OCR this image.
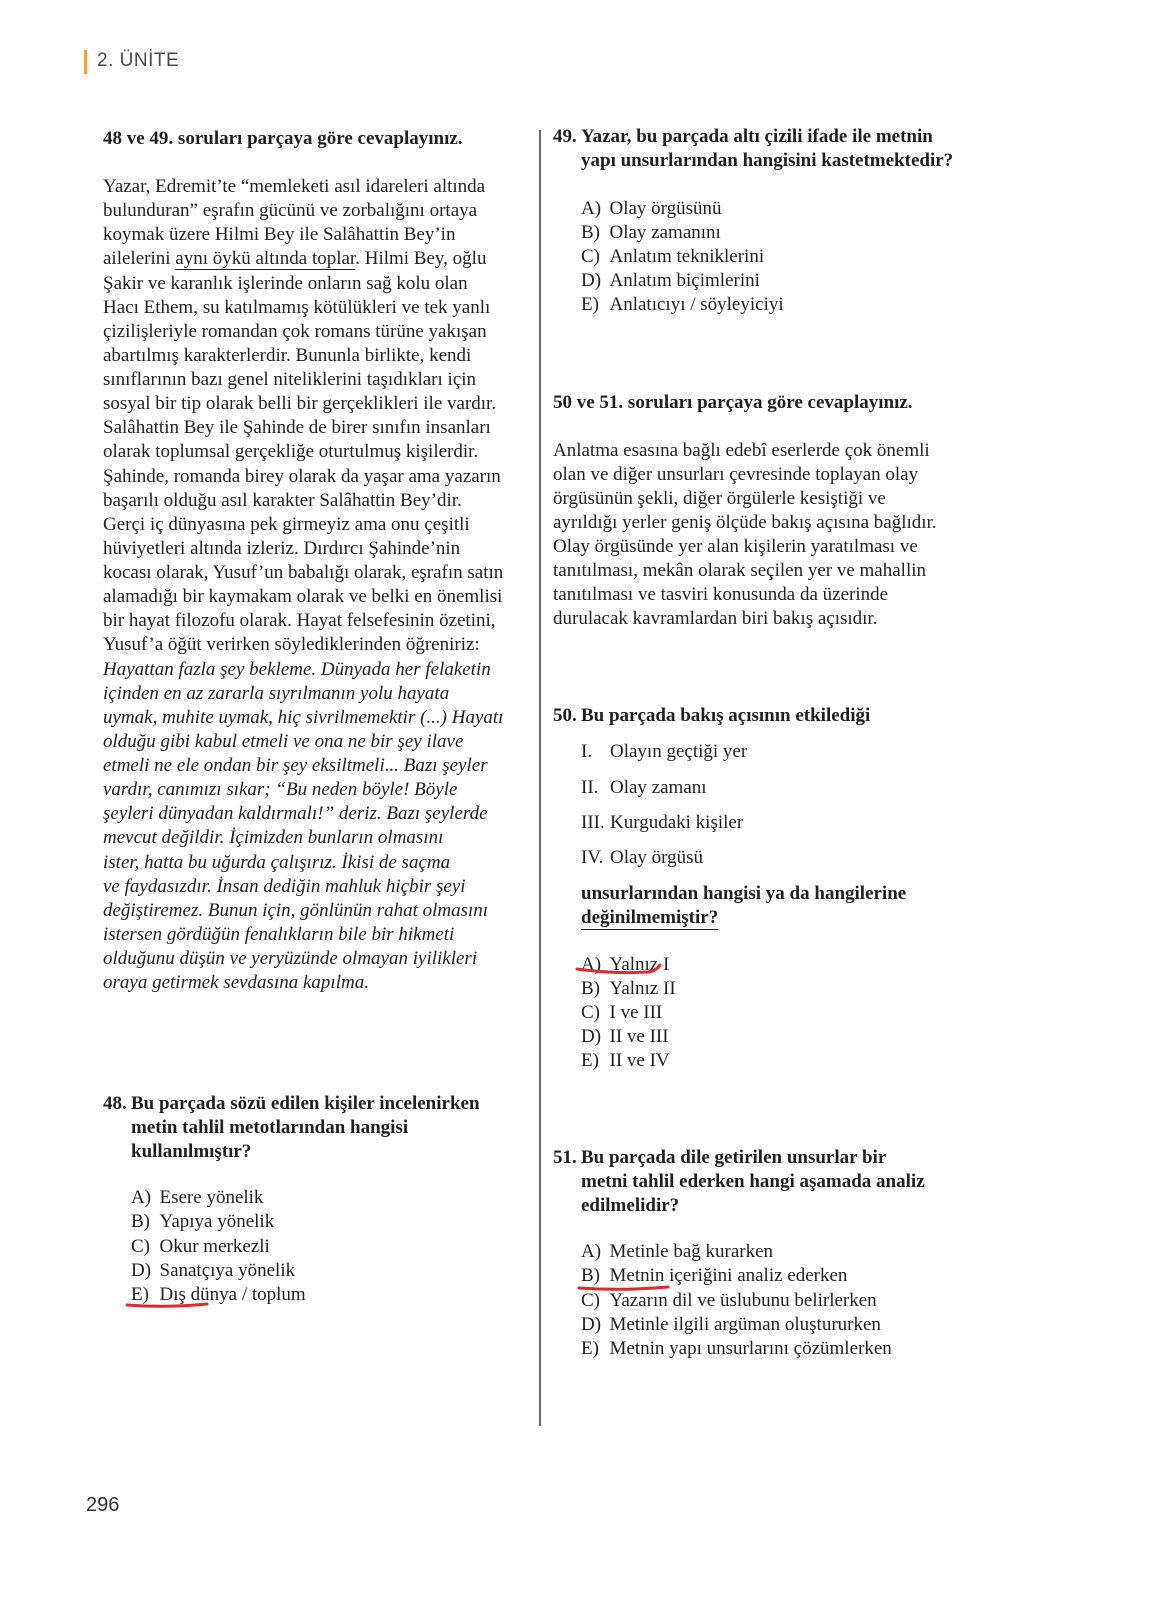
2. ÜNİTE
48 ve 49. soruları parçaya göre cevaplayınız.
Yazar, Edremit’te “memleketi asıl idareleri altında
bulunduran” eşrafın gücünü ve zorbalığını ortaya
koymak üzere Hilmi Bey ile Salâhattin Bey’in
ailelerini aynı öykü altında toplar. Hilmi Bey, oğlu
Şakir ve karanlık işlerinde onların sağ kolu olan
Hacı Ethem, su katılmamış kötülükleri ve tek yanlı
çizilişleriyle romandan çok romans türüne yakışan
abartılmış karakterlerdir. Bununla birlikte, kendi
sınıflarının bazı genel niteliklerini taşıdıkları için
sosyal bir tip olarak belli bir gerçeklikleri ile vardır.
Salâhattin Bey ile Şahinde de birer sınıfın insanları
olarak toplumsal gerçekliğe oturtulmuş kişilerdir.
Şahinde, romanda birey olarak da yaşar ama yazarın
başarılı olduğu asıl karakter Salâhattin Bey’dir.
Gerçi iç dünyasına pek girmeyiz ama onu çeşitli
hüviyetleri altında izleriz. Dırdırcı Şahinde’nin
kocası olarak, Yusuf’un babalığı olarak, eşrafın satın
alamadığı bir kaymakam olarak ve belki en önemlisi
bir hayat filozofu olarak. Hayat felsefesinin özetini,
Yusuf’a öğüt verirken söylediklerinden öğreniriz:
Hayattan fazla şey bekleme. Dünyada her felaketin
içinden en az zararla sıyrılmanın yolu hayata
uymak, muhite uymak, hiç sivrilmemektir (...) Hayatı
olduğu gibi kabul etmeli ve ona ne bir şey ilave
etmeli ne ele ondan bir şey eksiltmeli... Bazı şeyler
vardır, canımızı sıkar; “Bu neden böyle! Böyle
şeyleri dünyadan kaldırmalı!” deriz. Bazı şeylerde
mevcut değildir. İçimizden bunların olmasını
ister, hatta bu uğurda çalışırız. İkisi de saçma
ve faydasızdır. İnsan dediğin mahluk hiçbir şeyi
değiştiremez. Bunun için, gönlünün rahat olmasını
istersen gördüğün fenalıkların bile bir hikmeti
olduğunu düşün ve yeryüzünde olmayan iyilikleri
oraya getirmek sevdasına kapılma.
48. Bu parçada sözü edilen kişiler incelenirken
metin tahlil metotlarından hangisi
kullanılmıştır?
A) Esere yönelik
B) Yapıya yönelik
C) Okur merkezli
D) Sanatçıya yönelik
E) Dış dünya / toplum
49. Yazar, bu parçada altı çizili ifade ile metnin
yapı unsurlarından hangisini kastetmektedir?
A) Olay örgüsünü
B) Olay zamanını
C) Anlatım tekniklerini
D) Anlatım biçimlerini
E) Anlatıcıyı / söyleyiciyi
50 ve 51. soruları parçaya göre cevaplayınız.
Anlatma esasına bağlı edebî eserlerde çok önemli
olan ve diğer unsurları çevresinde toplayan olay
örgüsünün şekli, diğer örgülerle kesiştiği ve
ayrıldığı yerler geniş ölçüde bakış açısına bağlıdır.
Olay örgüsünde yer alan kişilerin yaratılması ve
tanıtılması, mekân olarak seçilen yer ve mahallin
tanıtılması ve tasviri konusunda da üzerinde
durulacak kavramlardan biri bakış açısıdır.
50. Bu parçada bakış açısının etkilediği
I. Olayın geçtiği yer
II. Olay zamanı
III. Kurgudaki kişiler
IV. Olay örgüsü
unsurlarından hangisi ya da hangilerine
değinilmemiştir?
A) Yalnız I
B) Yalnız II
C) I ve III
D) II ve III
E) II ve IV
51. Bu parçada dile getirilen unsurlar bir
metni tahlil ederken hangi aşamada analiz
edilmelidir?
A) Metinle bağ kurarken
B) Metnin içeriğini analiz ederken
C) Yazarın dil ve üslubunu belirlerken
D) Metinle ilgili argüman oluştururken
E) Metnin yapı unsurlarını çözümlerken
296
